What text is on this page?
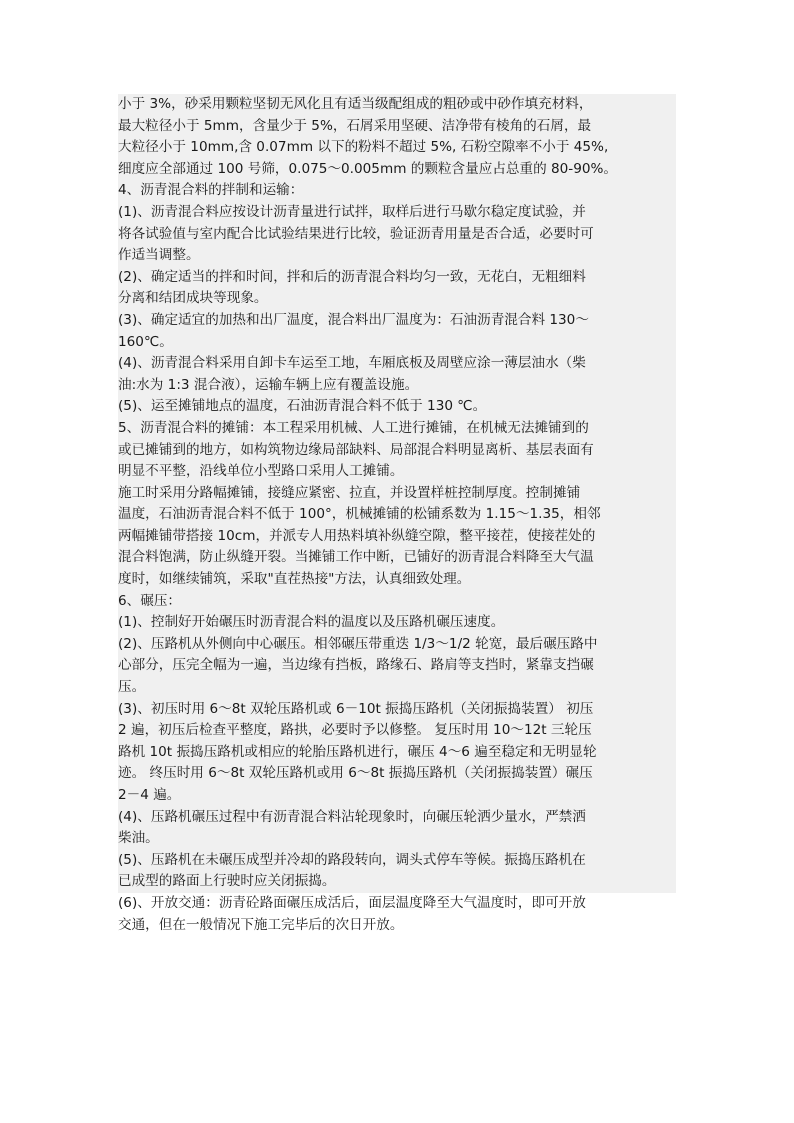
小于 3%，砂采用颗粒坚韧无风化且有适当级配组成的粗砂或中砂作填充材料，
最大粒径小于 5mm，含量少于 5%，石屑采用坚硬、洁净带有棱角的石屑，最
大粒径小于 10mm,含 0.07mm 以下的粉料不超过 5%, 石粉空隙率不小于 45%,
细度应全部通过 100 号筛，0.075～0.005mm 的颗粒含量应占总重的 80-90%。
4、沥青混合料的拌制和运输：
(1)、沥青混合料应按设计沥青量进行试拌，取样后进行马歇尔稳定度试验，并
将各试验值与室内配合比试验结果进行比较，验证沥青用量是否合适，必要时可
作适当调整。
(2)、确定适当的拌和时间，拌和后的沥青混合料均匀一致，无花白，无粗细料
分离和结团成块等现象。
(3)、确定适宜的加热和出厂温度，混合料出厂温度为：石油沥青混合料 130～
160℃。
(4)、沥青混合料采用自卸卡车运至工地，车厢底板及周壁应涂一薄层油水（柴
油:水为 1:3 混合液），运输车辆上应有覆盖设施。
(5)、运至摊铺地点的温度，石油沥青混合料不低于 130 ℃。
5、沥青混合料的摊铺：本工程采用机械、人工进行摊铺，在机械无法摊铺到的
或已摊铺到的地方，如构筑物边缘局部缺料、局部混合料明显离析、基层表面有
明显不平整，沿线单位小型路口采用人工摊铺。
施工时采用分路幅摊铺，接缝应紧密、拉直，并设置样桩控制厚度。控制摊铺
温度，石油沥青混合料不低于 100°，机械摊铺的松铺系数为 1.15～1.35，相邻
两幅摊铺带搭接 10cm，并派专人用热料填补纵缝空隙，整平接茬，使接茬处的
混合料饱满，防止纵缝开裂。当摊铺工作中断，已铺好的沥青混合料降至大气温
度时，如继续铺筑，采取"直茬热接"方法，认真细致处理。
6、碾压：
(1)、控制好开始碾压时沥青混合料的温度以及压路机碾压速度。
(2)、压路机从外侧向中心碾压。相邻碾压带重迭 1/3～1/2 轮宽，最后碾压路中
心部分，压完全幅为一遍，当边缘有挡板，路缘石、路肩等支挡时，紧靠支挡碾
压。
(3)、初压时用 6～8t 双轮压路机或 6－10t 振捣压路机（关闭振捣装置） 初压
2 遍，初压后检查平整度，路拱，必要时予以修整。 复压时用 10～12t 三轮压
路机 10t 振捣压路机或相应的轮胎压路机进行，碾压 4～6 遍至稳定和无明显轮
迹。 终压时用 6～8t 双轮压路机或用 6～8t 振捣压路机（关闭振捣装置）碾压
2－4 遍。
(4)、压路机碾压过程中有沥青混合料沾轮现象时，向碾压轮洒少量水，严禁洒
柴油。
(5)、压路机在未碾压成型并冷却的路段转向，调头式停车等候。振捣压路机在
已成型的路面上行驶时应关闭振捣。
(6)、开放交通：沥青砼路面碾压成活后，面层温度降至大气温度时，即可开放
交通，但在一般情况下施工完毕后的次日开放。
